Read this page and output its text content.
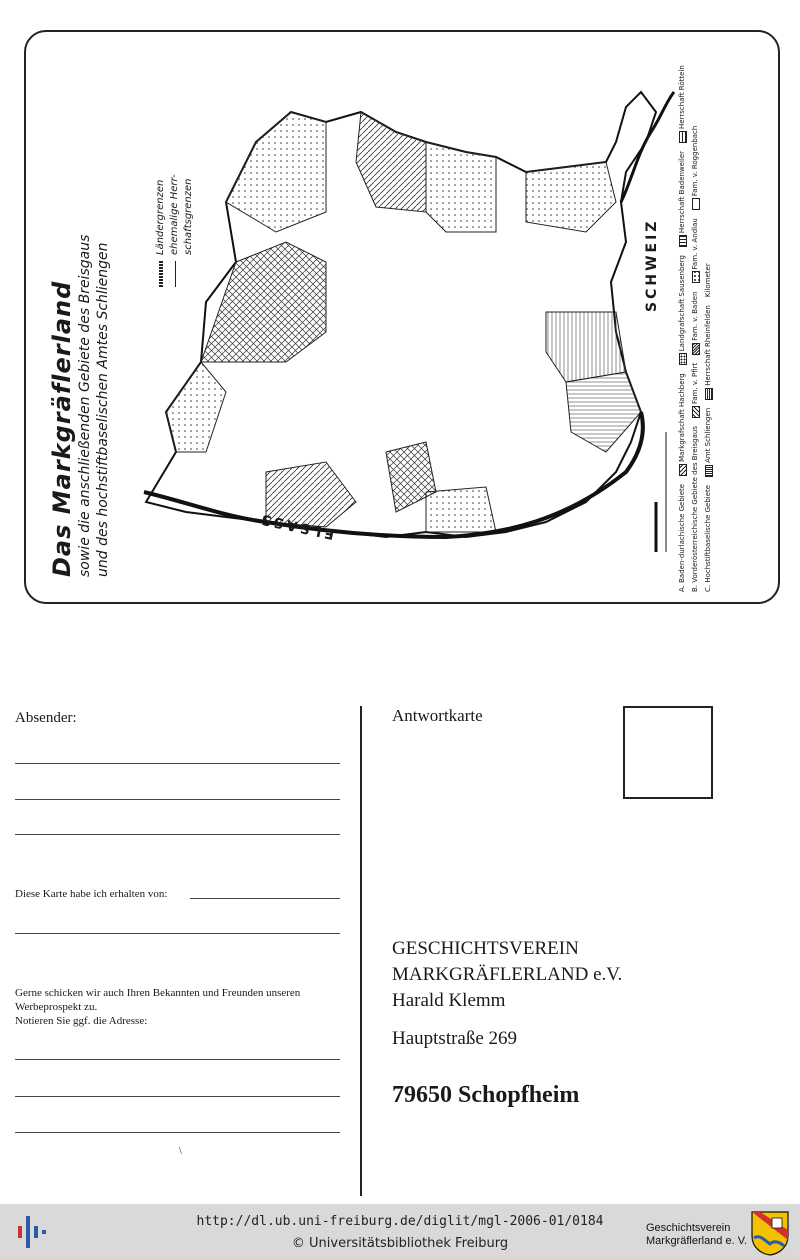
Das Markgräflerland sowie die anschließenden Gebiete des Breisgaus und des hochstiftbaselischen Amtes Schliengen
Ländergrenzen ehemalige Herr- schaftsgrenzen
ELSASS
SCHWEIZ
A. Baden-durlachische Gebiete
Markgrafschaft Hachberg
Landgrafschaft Sausenberg
Herrschaft Badenweiler
Herrschaft Rötteln
B. Vorderösterreichische Gebiete des Breisgaus
Fam. v. Pfirt
Fam. v. Baden
Fam. v. Andlau
Fam. v. Roggenbach
C. Hochstiftbaselische Gebiete
Amt Schliengen
Herrschaft Rheinfelden
Kilometer
Absender:
Diese Karte habe ich erhalten von:
Gerne schicken wir auch Ihren Bekannten und Freunden unseren
Werbeprospekt zu.
Notieren Sie ggf. die Adresse:
\
Antwortkarte
GESCHICHTSVEREIN
MARKGRÄFLERLAND e.V.
Harald Klemm
Hauptstraße 269
79650 Schopfheim
http://dl.ub.uni-freiburg.de/diglit/mgl-2006-01/0184
© Universitätsbibliothek Freiburg
Geschichtsverein
Markgräflerland e. V.
